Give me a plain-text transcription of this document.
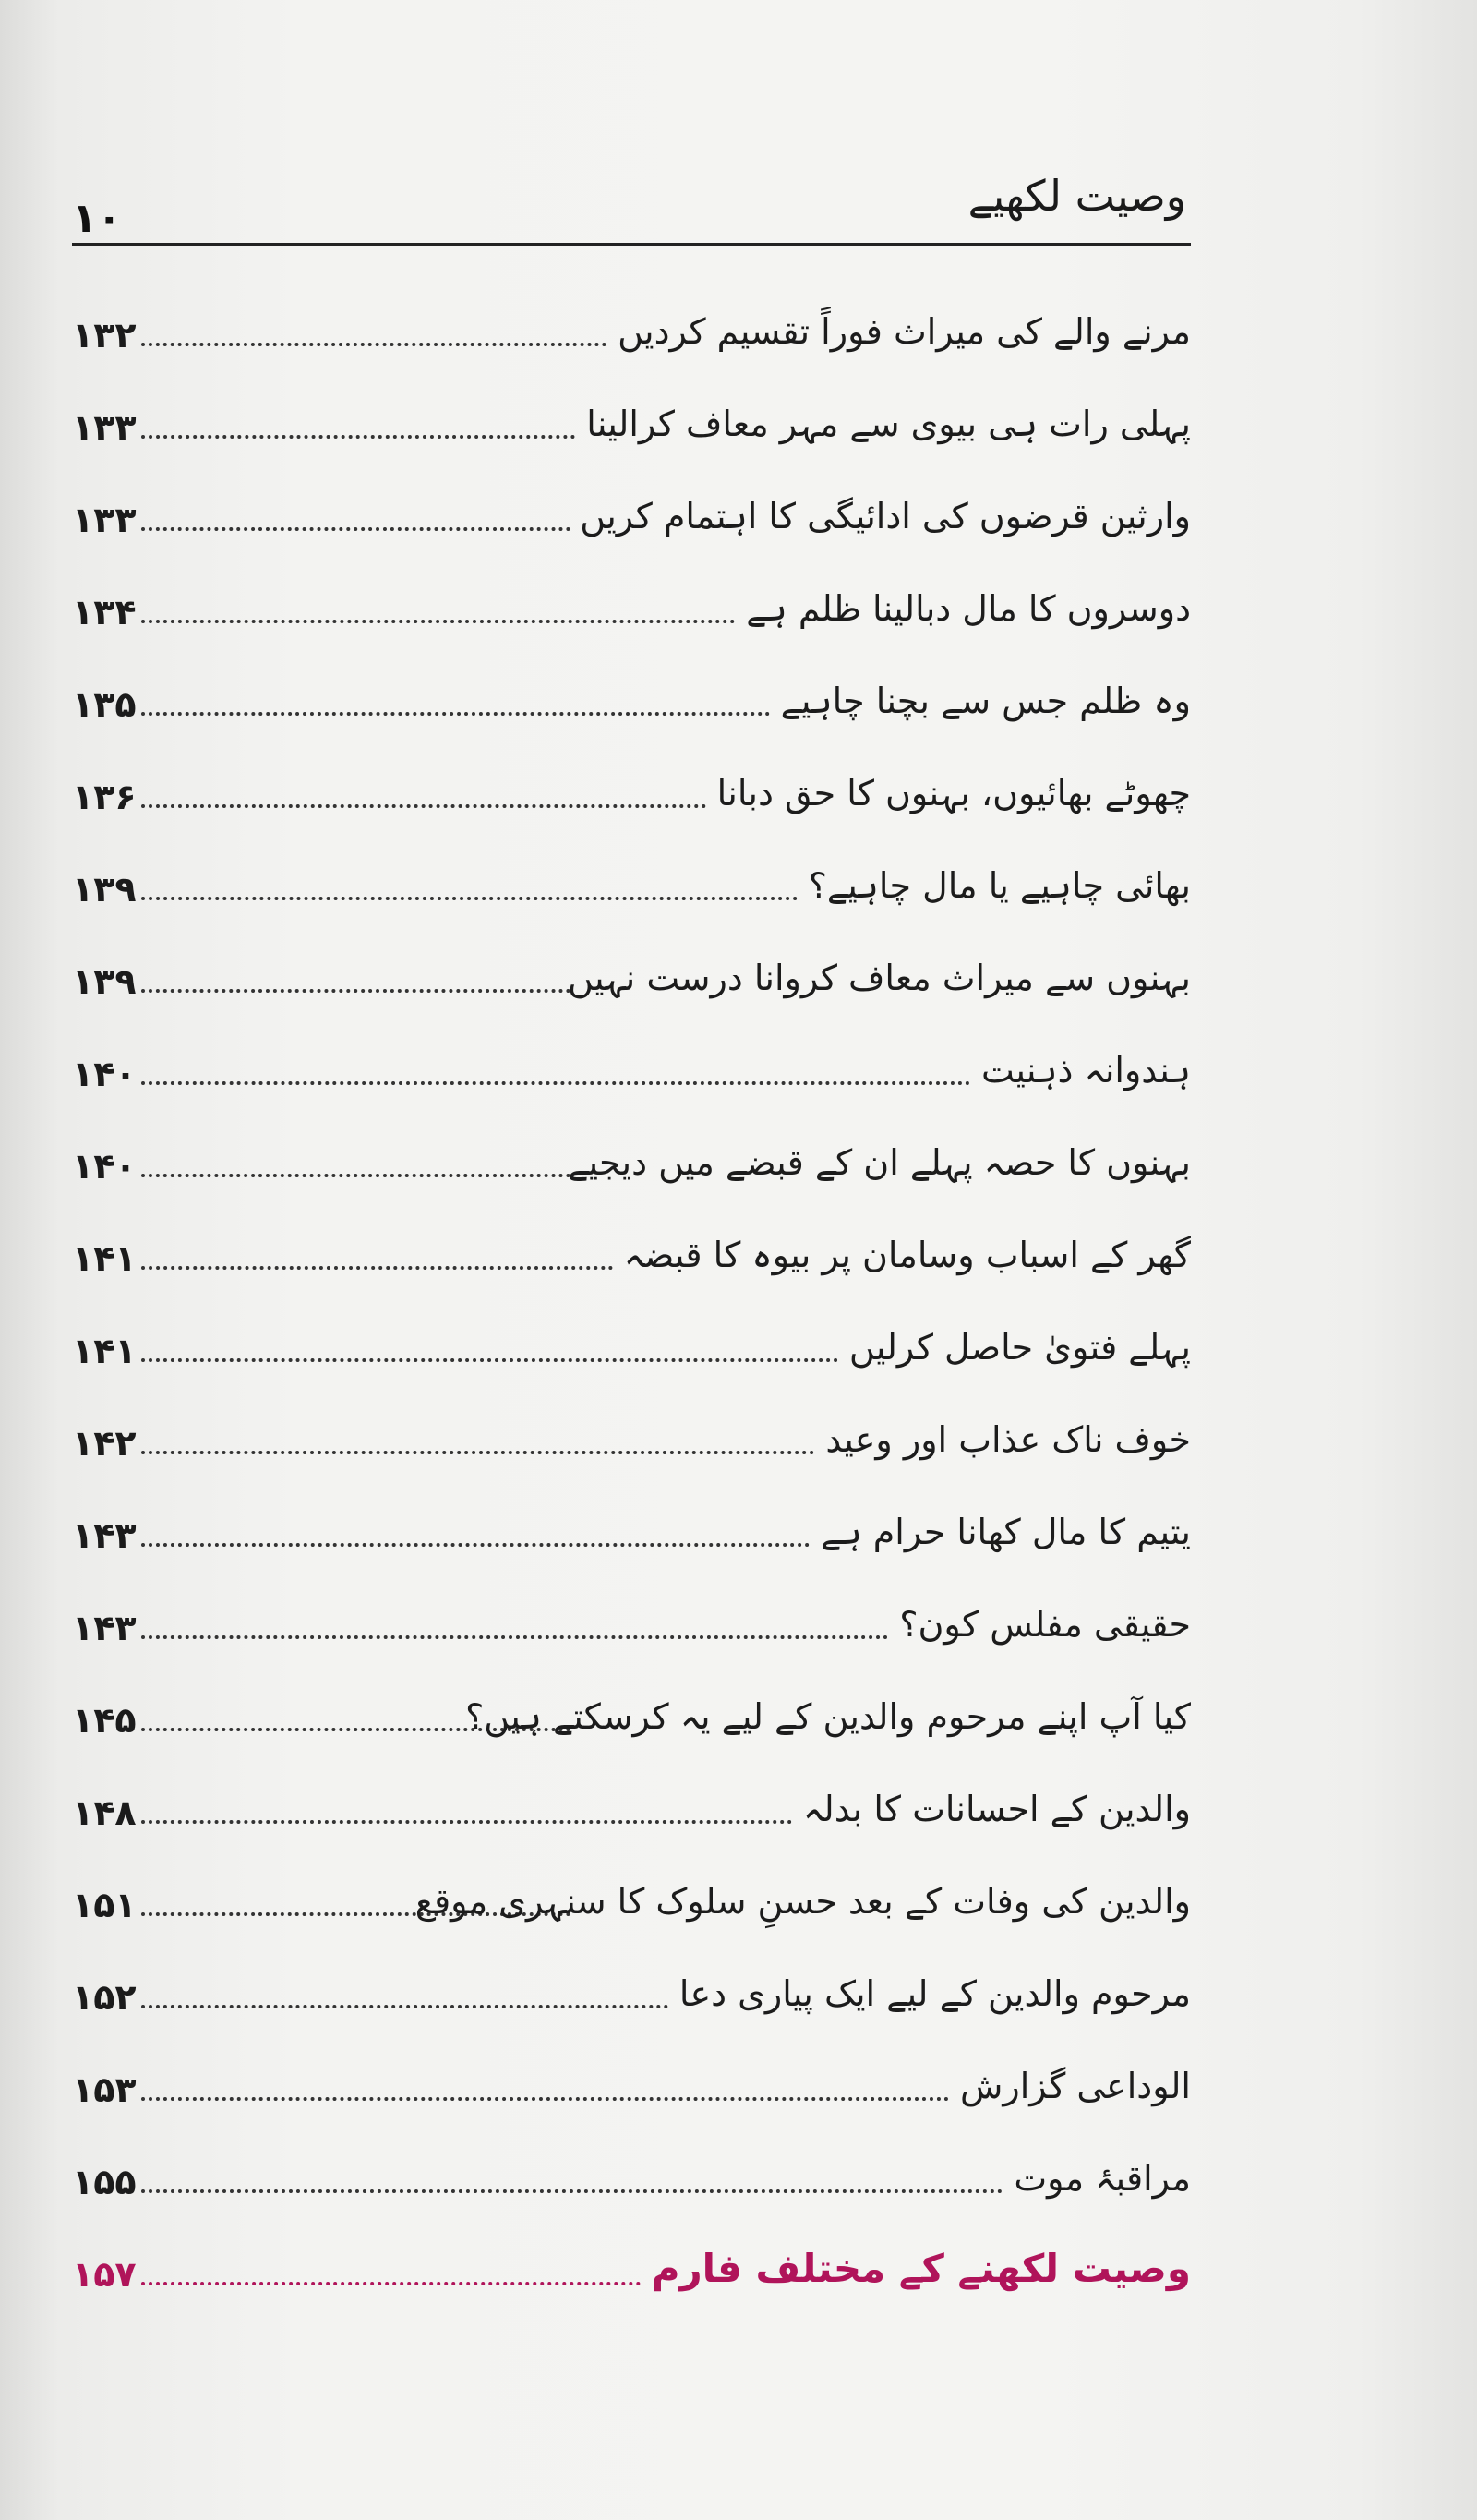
وصیت لکھیے
۱۰
۱۳۲	مرنے والے کی میراث فوراً تقسیم کردیں
۱۳۳	پہلی رات ہی بیوی سے مہر معاف کرالینا
۱۳۳	وارثین قرضوں کی ادائیگی کا اہتمام کریں
۱۳۴	دوسروں کا مال دبالینا ظلم ہے
۱۳۵	وہ ظلم جس سے بچنا چاہیے
۱۳۶	چھوٹے بھائیوں، بہنوں کا حق دبانا
۱۳۹	بھائی چاہیے یا مال چاہیے؟
۱۳۹	بہنوں سے میراث معاف کروانا درست نہیں
۱۴۰	ہندوانہ ذہنیت
۱۴۰	بہنوں کا حصہ پہلے ان کے قبضے میں دیجیے
۱۴۱	گھر کے اسباب وسامان پر بیوہ کا قبضہ
۱۴۱	پہلے فتویٰ حاصل کرلیں
۱۴۲	خوف ناک عذاب اور وعید
۱۴۳	یتیم کا مال کھانا حرام ہے
۱۴۳	حقیقی مفلس کون؟
۱۴۵	کیا آپ اپنے مرحوم والدین کے لیے یہ کرسکتے ہیں؟
۱۴۸	والدین کے احسانات کا بدلہ
۱۵۱	والدین کی وفات کے بعد حسنِ سلوک کا سنہری موقع
۱۵۲	مرحوم والدین کے لیے ایک پیاری دعا
۱۵۳	الوداعی گزارش
۱۵۵	مراقبۂ موت
۱۵۷	وصیت لکھنے کے مختلف فارم
